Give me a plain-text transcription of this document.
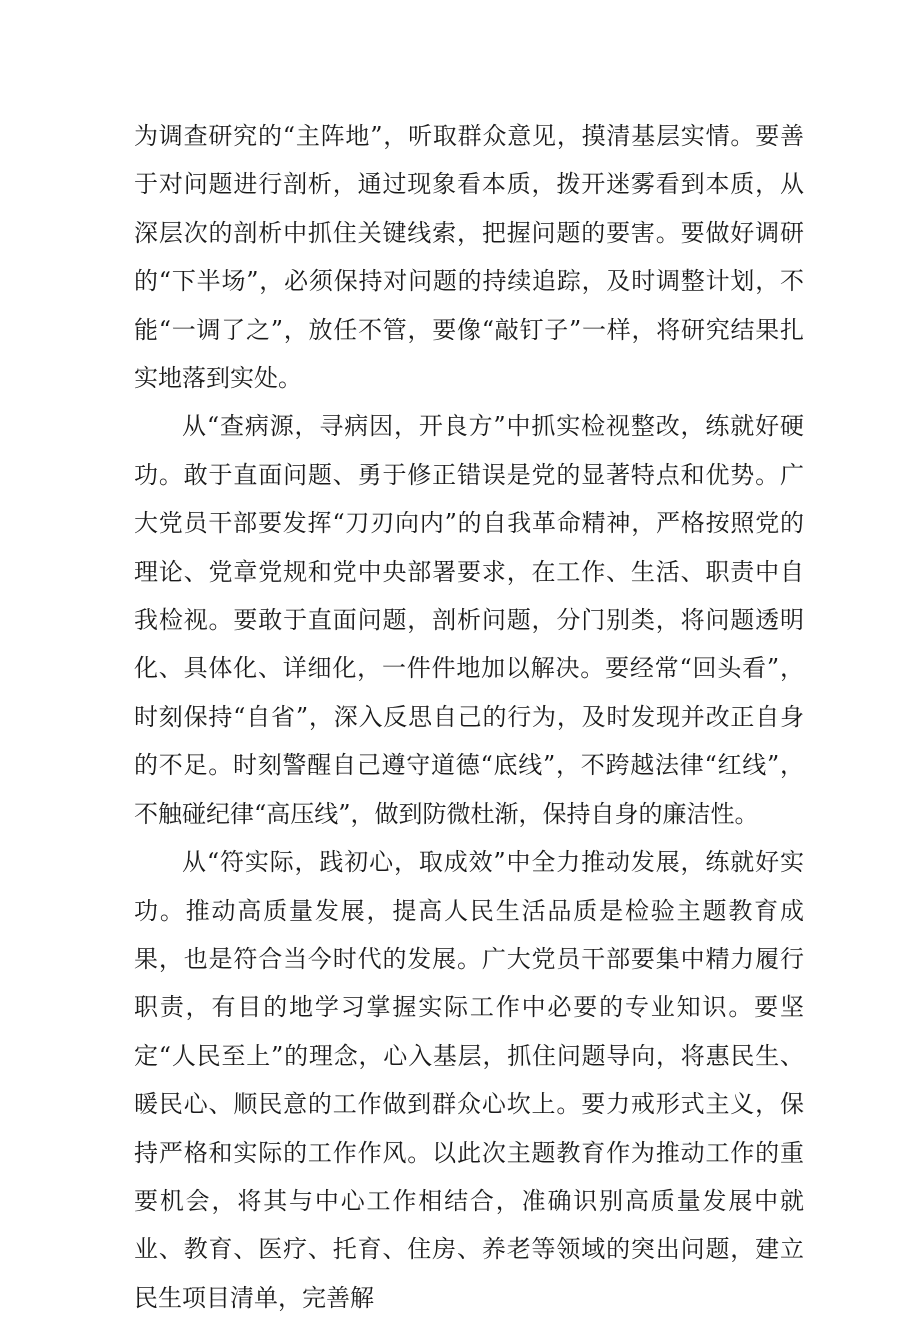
为调查研究的“主阵地”，听取群众意见，摸清基层实情。要善于对问题进行剖析，通过现象看本质，拨开迷雾看到本质，从深层次的剖析中抓住关键线索，把握问题的要害。要做好调研的“下半场”，必须保持对问题的持续追踪，及时调整计划，不能“一调了之”，放任不管，要像“敲钉子”一样，将研究结果扎实地落到实处。

从“查病源，寻病因，开良方”中抓实检视整改，练就好硬功。敢于直面问题、勇于修正错误是党的显著特点和优势。广大党员干部要发挥“刀刃向内”的自我革命精神，严格按照党的理论、党章党规和党中央部署要求，在工作、生活、职责中自我检视。要敢于直面问题，剖析问题，分门别类，将问题透明化、具体化、详细化，一件件地加以解决。要经常“回头看”，时刻保持“自省”，深入反思自己的行为，及时发现并改正自身的不足。时刻警醒自己遵守道德“底线”，不跨越法律“红线”，不触碰纪律“高压线”，做到防微杜渐，保持自身的廉洁性。

从“符实际，践初心，取成效”中全力推动发展，练就好实功。推动高质量发展，提高人民生活品质是检验主题教育成果，也是符合当今时代的发展。广大党员干部要集中精力履行职责，有目的地学习掌握实际工作中必要的专业知识。要坚定“人民至上”的理念，心入基层，抓住问题导向，将惠民生、暖民心、顺民意的工作做到群众心坎上。要力戒形式主义，保持严格和实际的工作作风。以此次主题教育作为推动工作的重要机会，将其与中心工作相结合，准确识别高质量发展中就业、教育、医疗、托育、住房、养老等领域的突出问题，建立民生项目清单，完善解
